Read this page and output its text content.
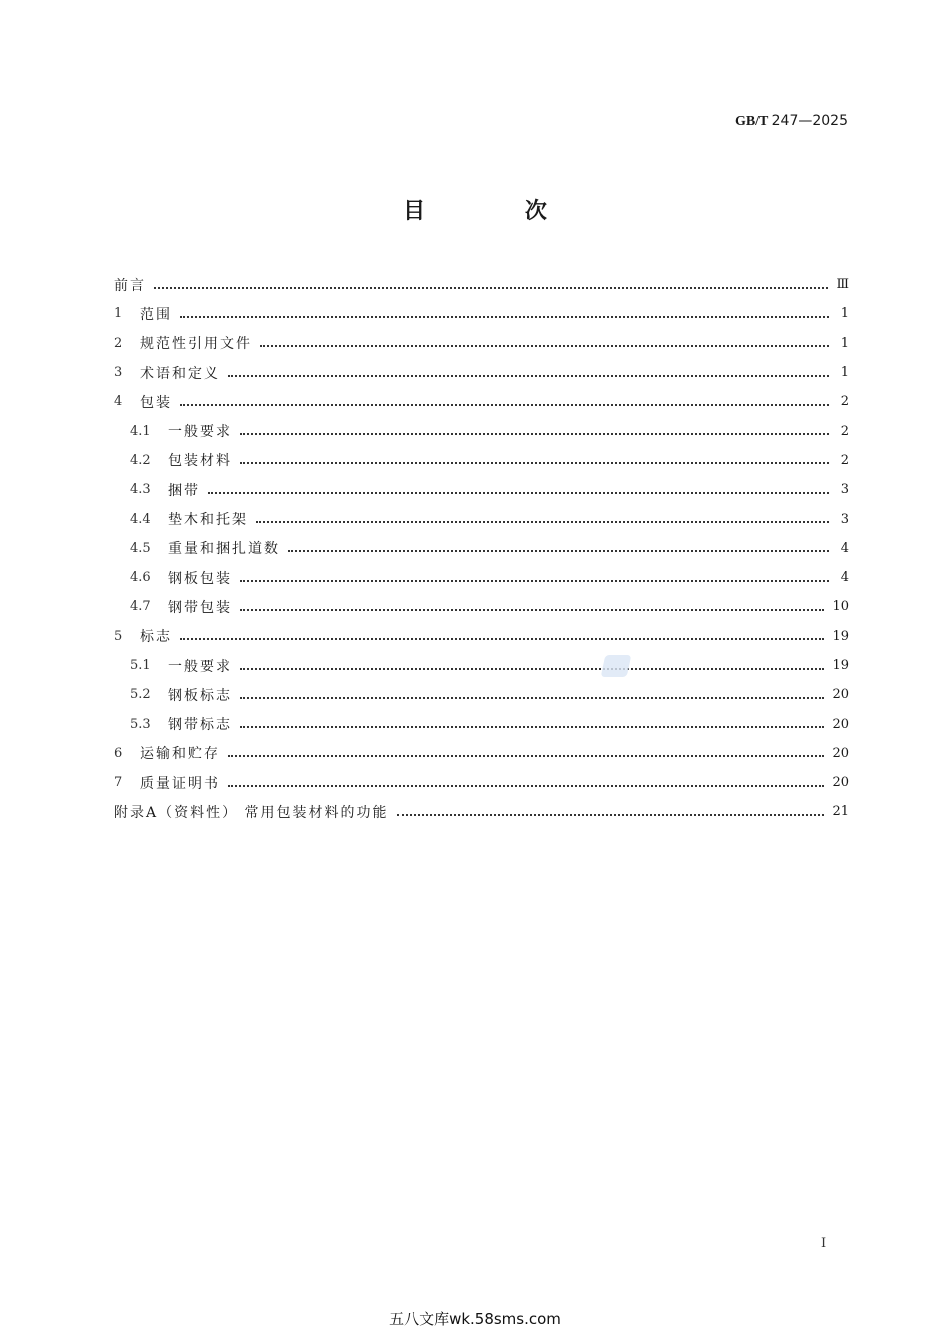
GB/T 247—2025
目 次
前言	Ⅲ
1	范围	1
2	规范性引用文件	1
3	术语和定义	1
4	包装	2
4.1	一般要求	2
4.2	包装材料	2
4.3	捆带	3
4.4	垫木和托架	3
4.5	重量和捆扎道数	4
4.6	钢板包装	4
4.7	钢带包装	10
5	标志	19
5.1	一般要求	19
5.2	钢板标志	20
5.3	钢带标志	20
6	运输和贮存	20
7	质量证明书	20
附录A（资料性） 常用包装材料的功能	21
I
五八文库wk.58sms.com
